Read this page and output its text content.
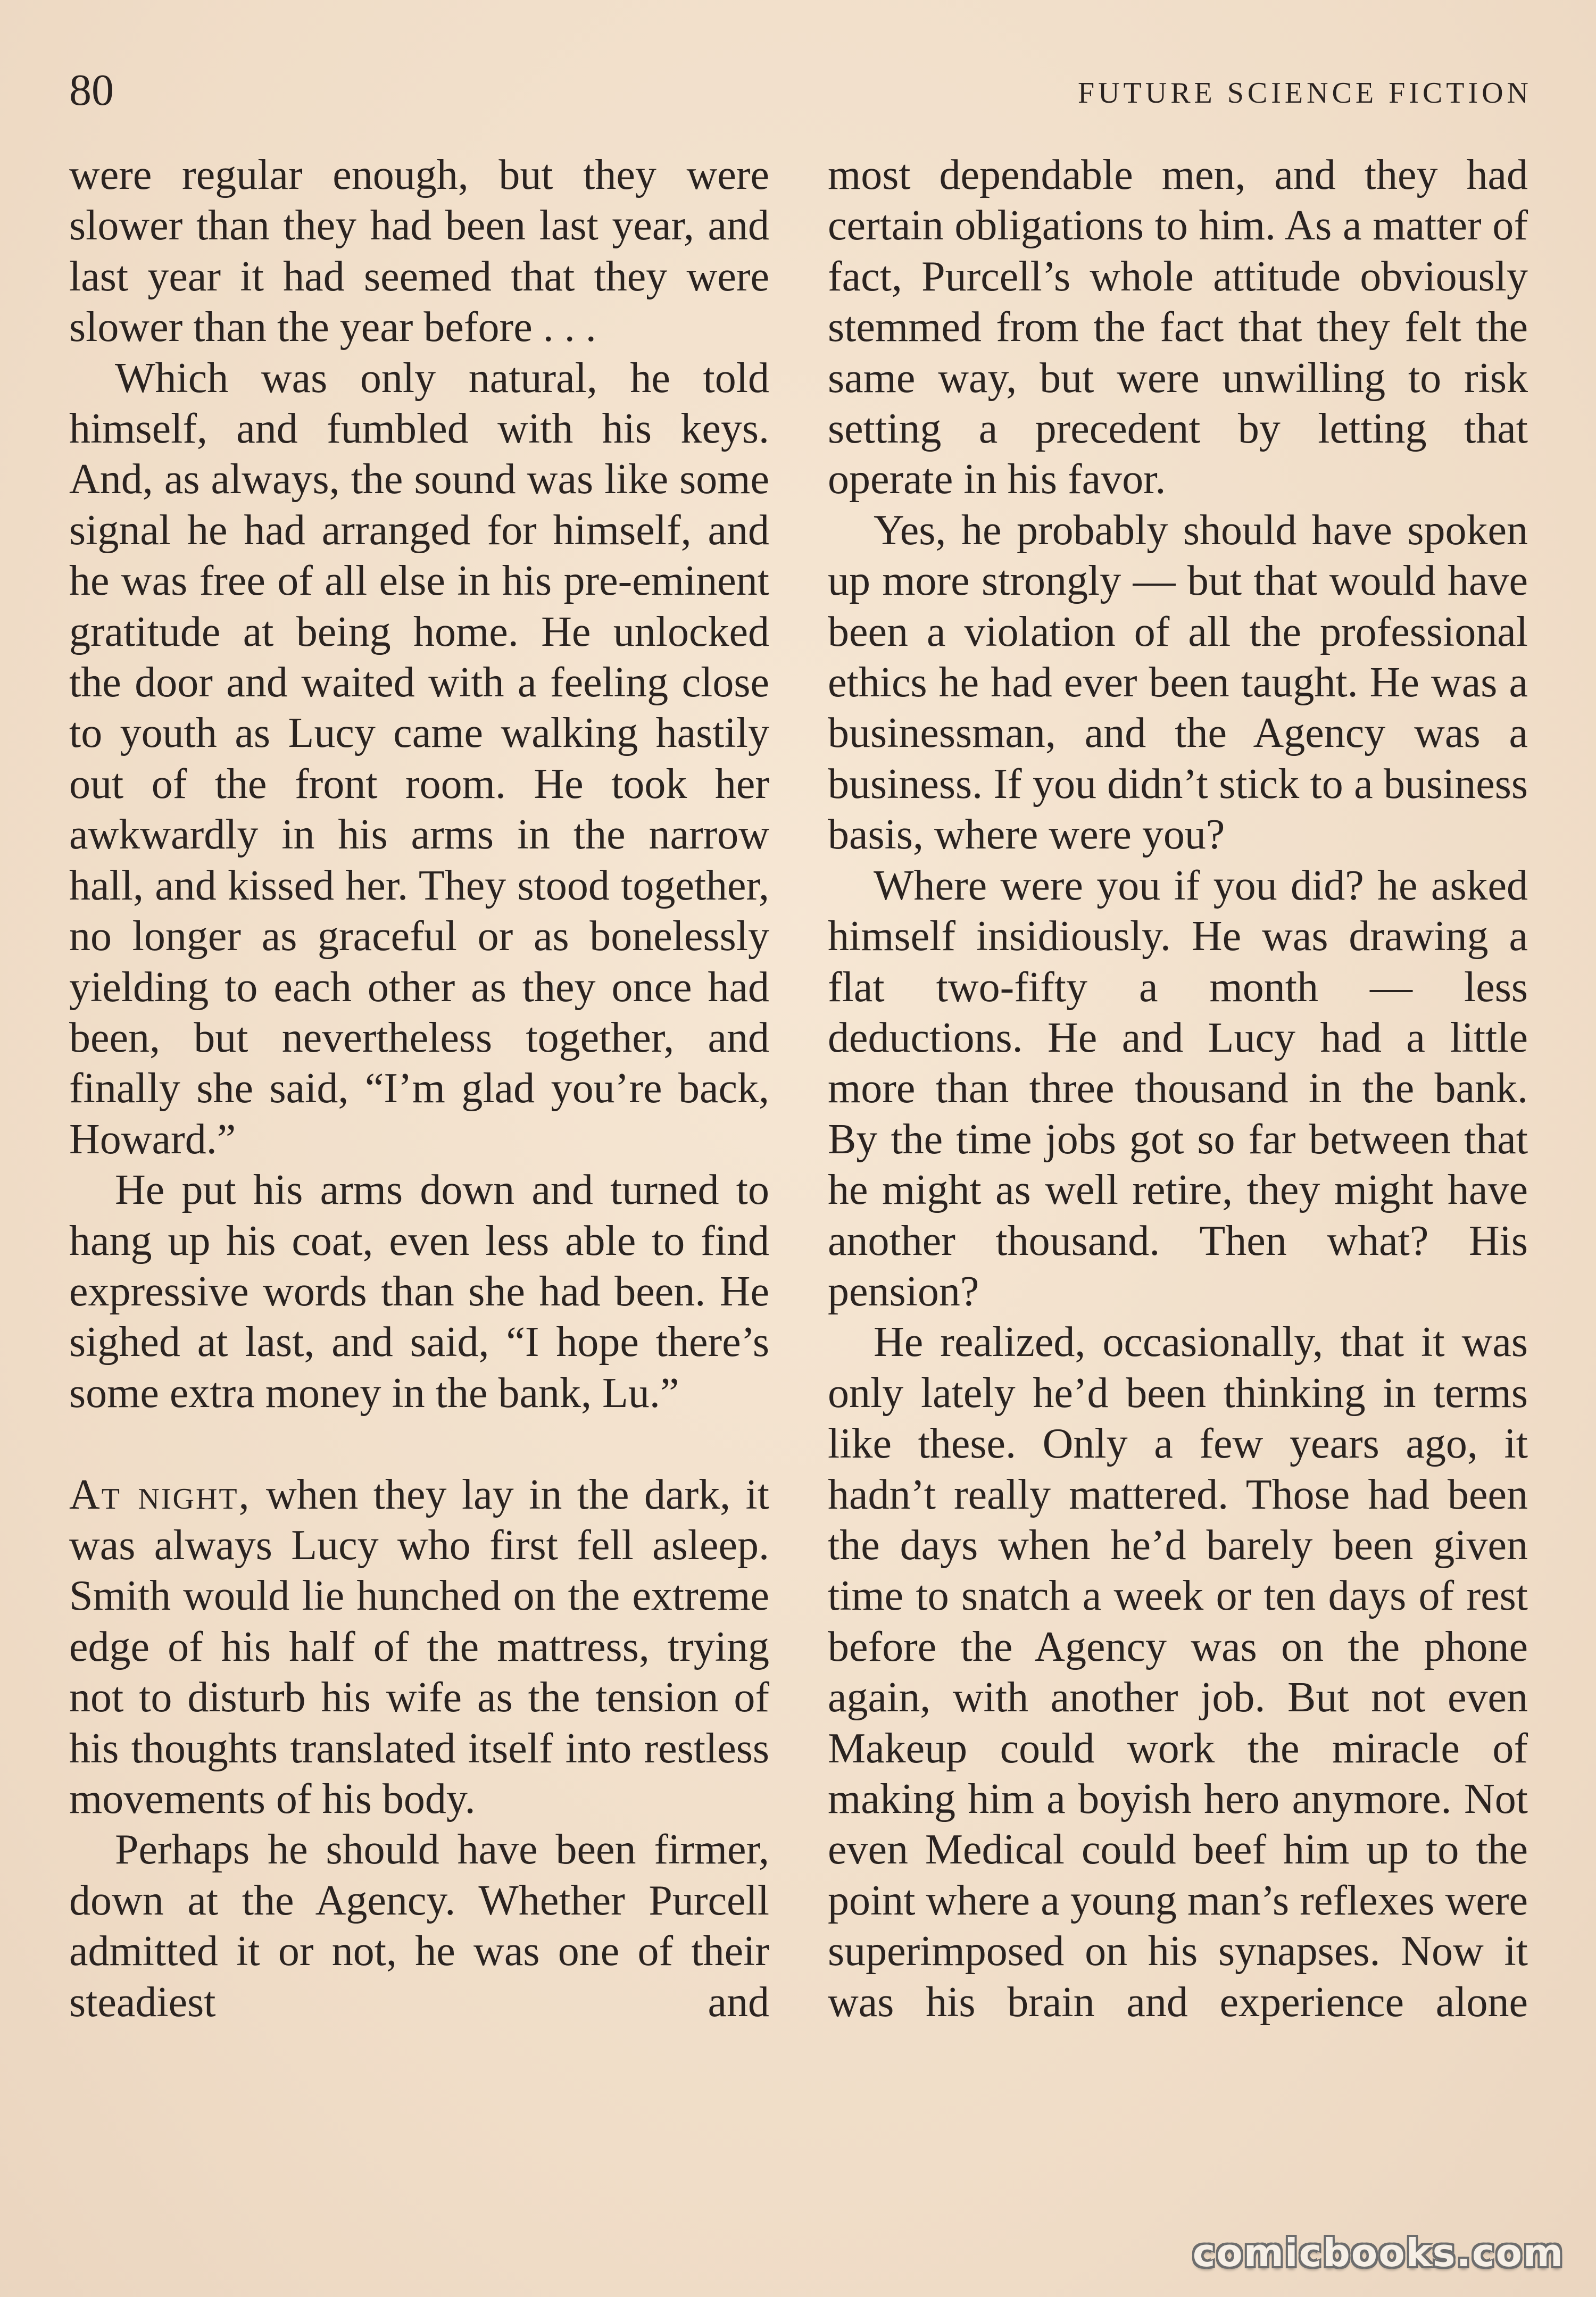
80	FUTURE SCIENCE FICTION

were regular enough, but they were slower than they had been last year, and last year it had seemed that they were slower than the year before . . .

Which was only natural, he told himself, and fumbled with his keys. And, as always, the sound was like some signal he had arranged for himself, and he was free of all else in his pre-eminent gratitude at being home. He unlocked the door and waited with a feeling close to youth as Lucy came walking hastily out of the front room. He took her awkwardly in his arms in the narrow hall, and kissed her. They stood together, no longer as graceful or as bonelessly yielding to each other as they once had been, but nevertheless together, and finally she said, “I’m glad you’re back, Howard.”

He put his arms down and turned to hang up his coat, even less able to find expressive words than she had been. He sighed at last, and said, “I hope there’s some extra money in the bank, Lu.”

At night, when they lay in the dark, it was always Lucy who first fell asleep. Smith would lie hunched on the extreme edge of his half of the mattress, trying not to disturb his wife as the tension of his thoughts translated itself into restless movements of his body.

Perhaps he should have been firmer, down at the Agency. Whether Purcell admitted it or not, he was one of their steadiest and

most dependable men, and they had certain obligations to him. As a matter of fact, Purcell’s whole attitude obviously stemmed from the fact that they felt the same way, but were unwilling to risk setting a precedent by letting that operate in his favor.

Yes, he probably should have spoken up more strongly — but that would have been a violation of all the professional ethics he had ever been taught. He was a businessman, and the Agency was a business. If you didn’t stick to a business basis, where were you?

Where were you if you did? he asked himself insidiously. He was drawing a flat two-fifty a month — less deductions. He and Lucy had a little more than three thousand in the bank. By the time jobs got so far between that he might as well retire, they might have another thousand. Then what? His pension?

He realized, occasionally, that it was only lately he’d been thinking in terms like these. Only a few years ago, it hadn’t really mattered. Those had been the days when he’d barely been given time to snatch a week or ten days of rest before the Agency was on the phone again, with another job. But not even Makeup could work the miracle of making him a boyish hero anymore. Not even Medical could beef him up to the point where a young man’s reflexes were superimposed on his synapses. Now it was his brain and experience alone

comicbooks.com
